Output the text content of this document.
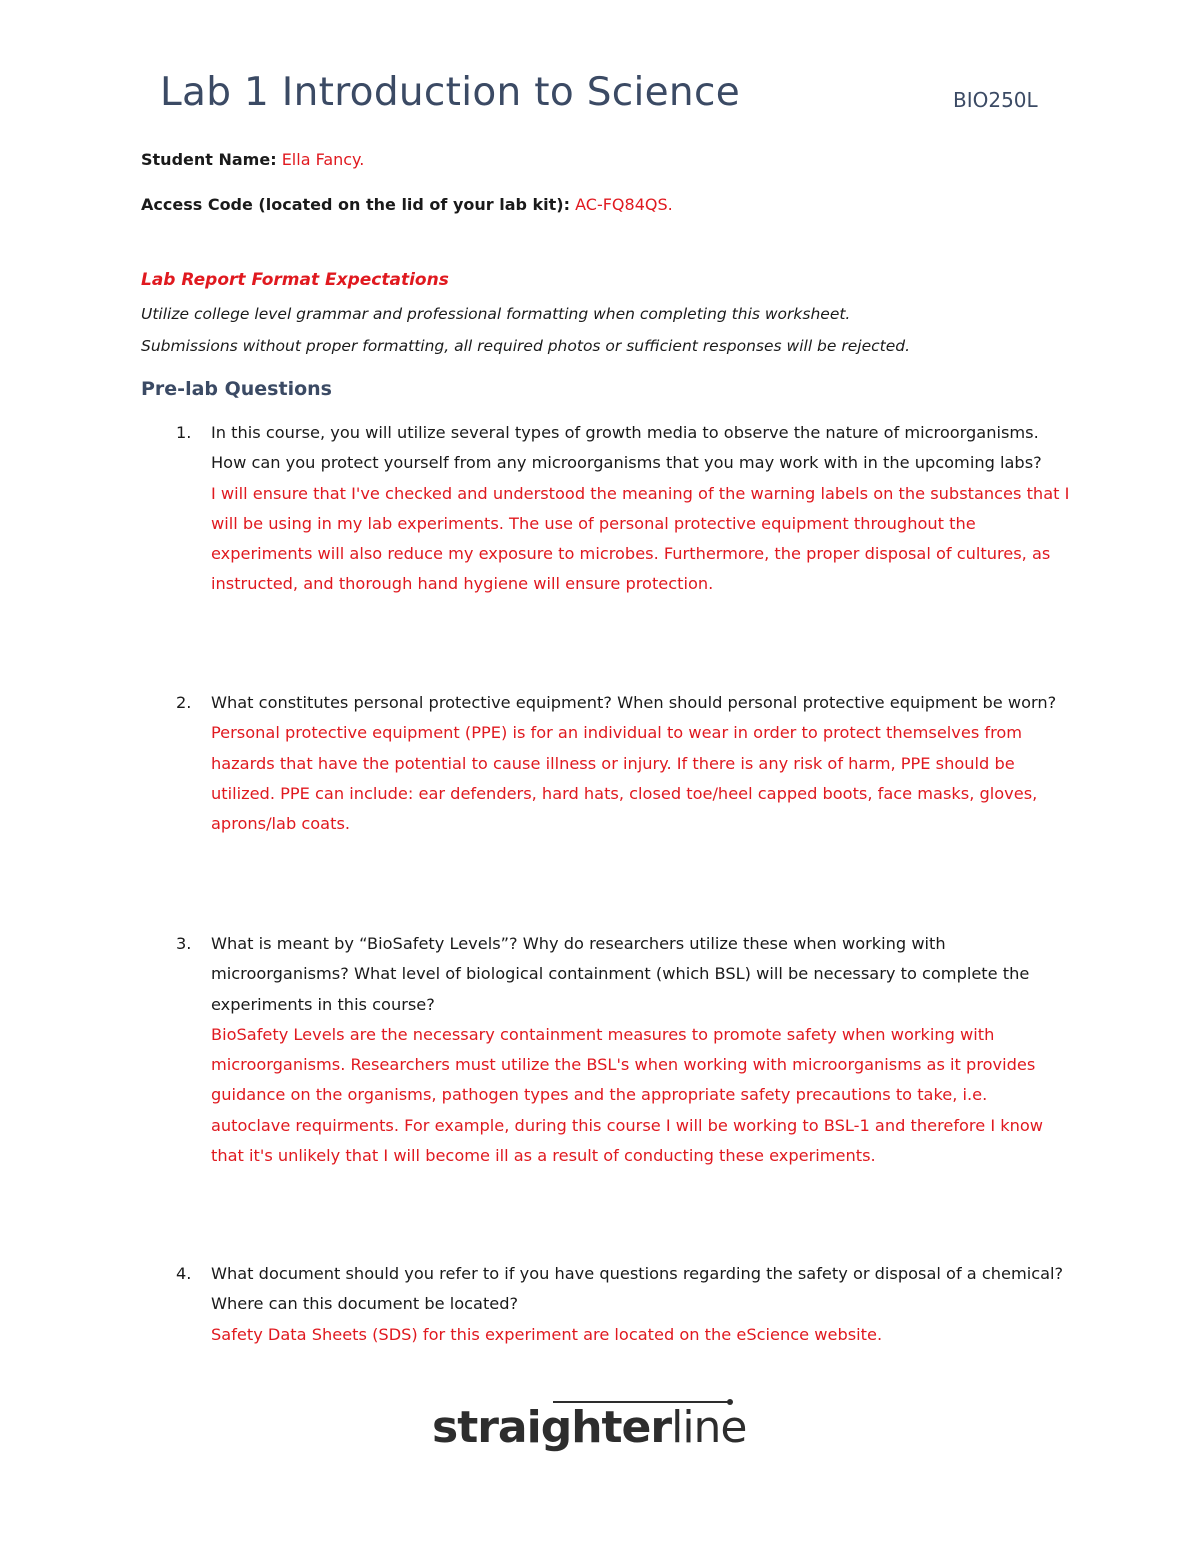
Lab 1 Introduction to Science	BIO250L
Student Name: Ella Fancy.
Access Code (located on the lid of your lab kit): AC-FQ84QS.
Lab Report Format Expectations
Utilize college level grammar and professional formatting when completing this worksheet.
Submissions without proper formatting, all required photos or sufficient responses will be rejected.
Pre-lab Questions
1.	In this course, you will utilize several types of growth media to observe the nature of microorganisms. How can you protect yourself from any microorganisms that you may work with in the upcoming labs?
I will ensure that I've checked and understood the meaning of the warning labels on the substances that I will be using in my lab experiments. The use of personal protective equipment throughout the experiments will also reduce my exposure to microbes. Furthermore, the proper disposal of cultures, as instructed, and thorough hand hygiene will ensure protection.
2.	What constitutes personal protective equipment? When should personal protective equipment be worn?
Personal protective equipment (PPE) is for an individual to wear in order to protect themselves from hazards that have the potential to cause illness or injury. If there is any risk of harm, PPE should be utilized. PPE can include: ear defenders, hard hats, closed toe/heel capped boots, face masks, gloves, aprons/lab coats.
3.	What is meant by “BioSafety Levels”? Why do researchers utilize these when working with microorganisms? What level of biological containment (which BSL) will be necessary to complete the experiments in this course?
BioSafety Levels are the necessary containment measures to promote safety when working with microorganisms. Researchers must utilize the BSL's when working with microorganisms as it provides guidance on the organisms, pathogen types and the appropriate safety precautions to take, i.e. autoclave requirments. For example, during this course I will be working to BSL-1 and therefore I know that it's unlikely that I will become ill as a result of conducting these experiments.
4.	What document should you refer to if you have questions regarding the safety or disposal of a chemical? Where can this document be located?
Safety Data Sheets (SDS) for this experiment are located on the eScience website.
straighterline
